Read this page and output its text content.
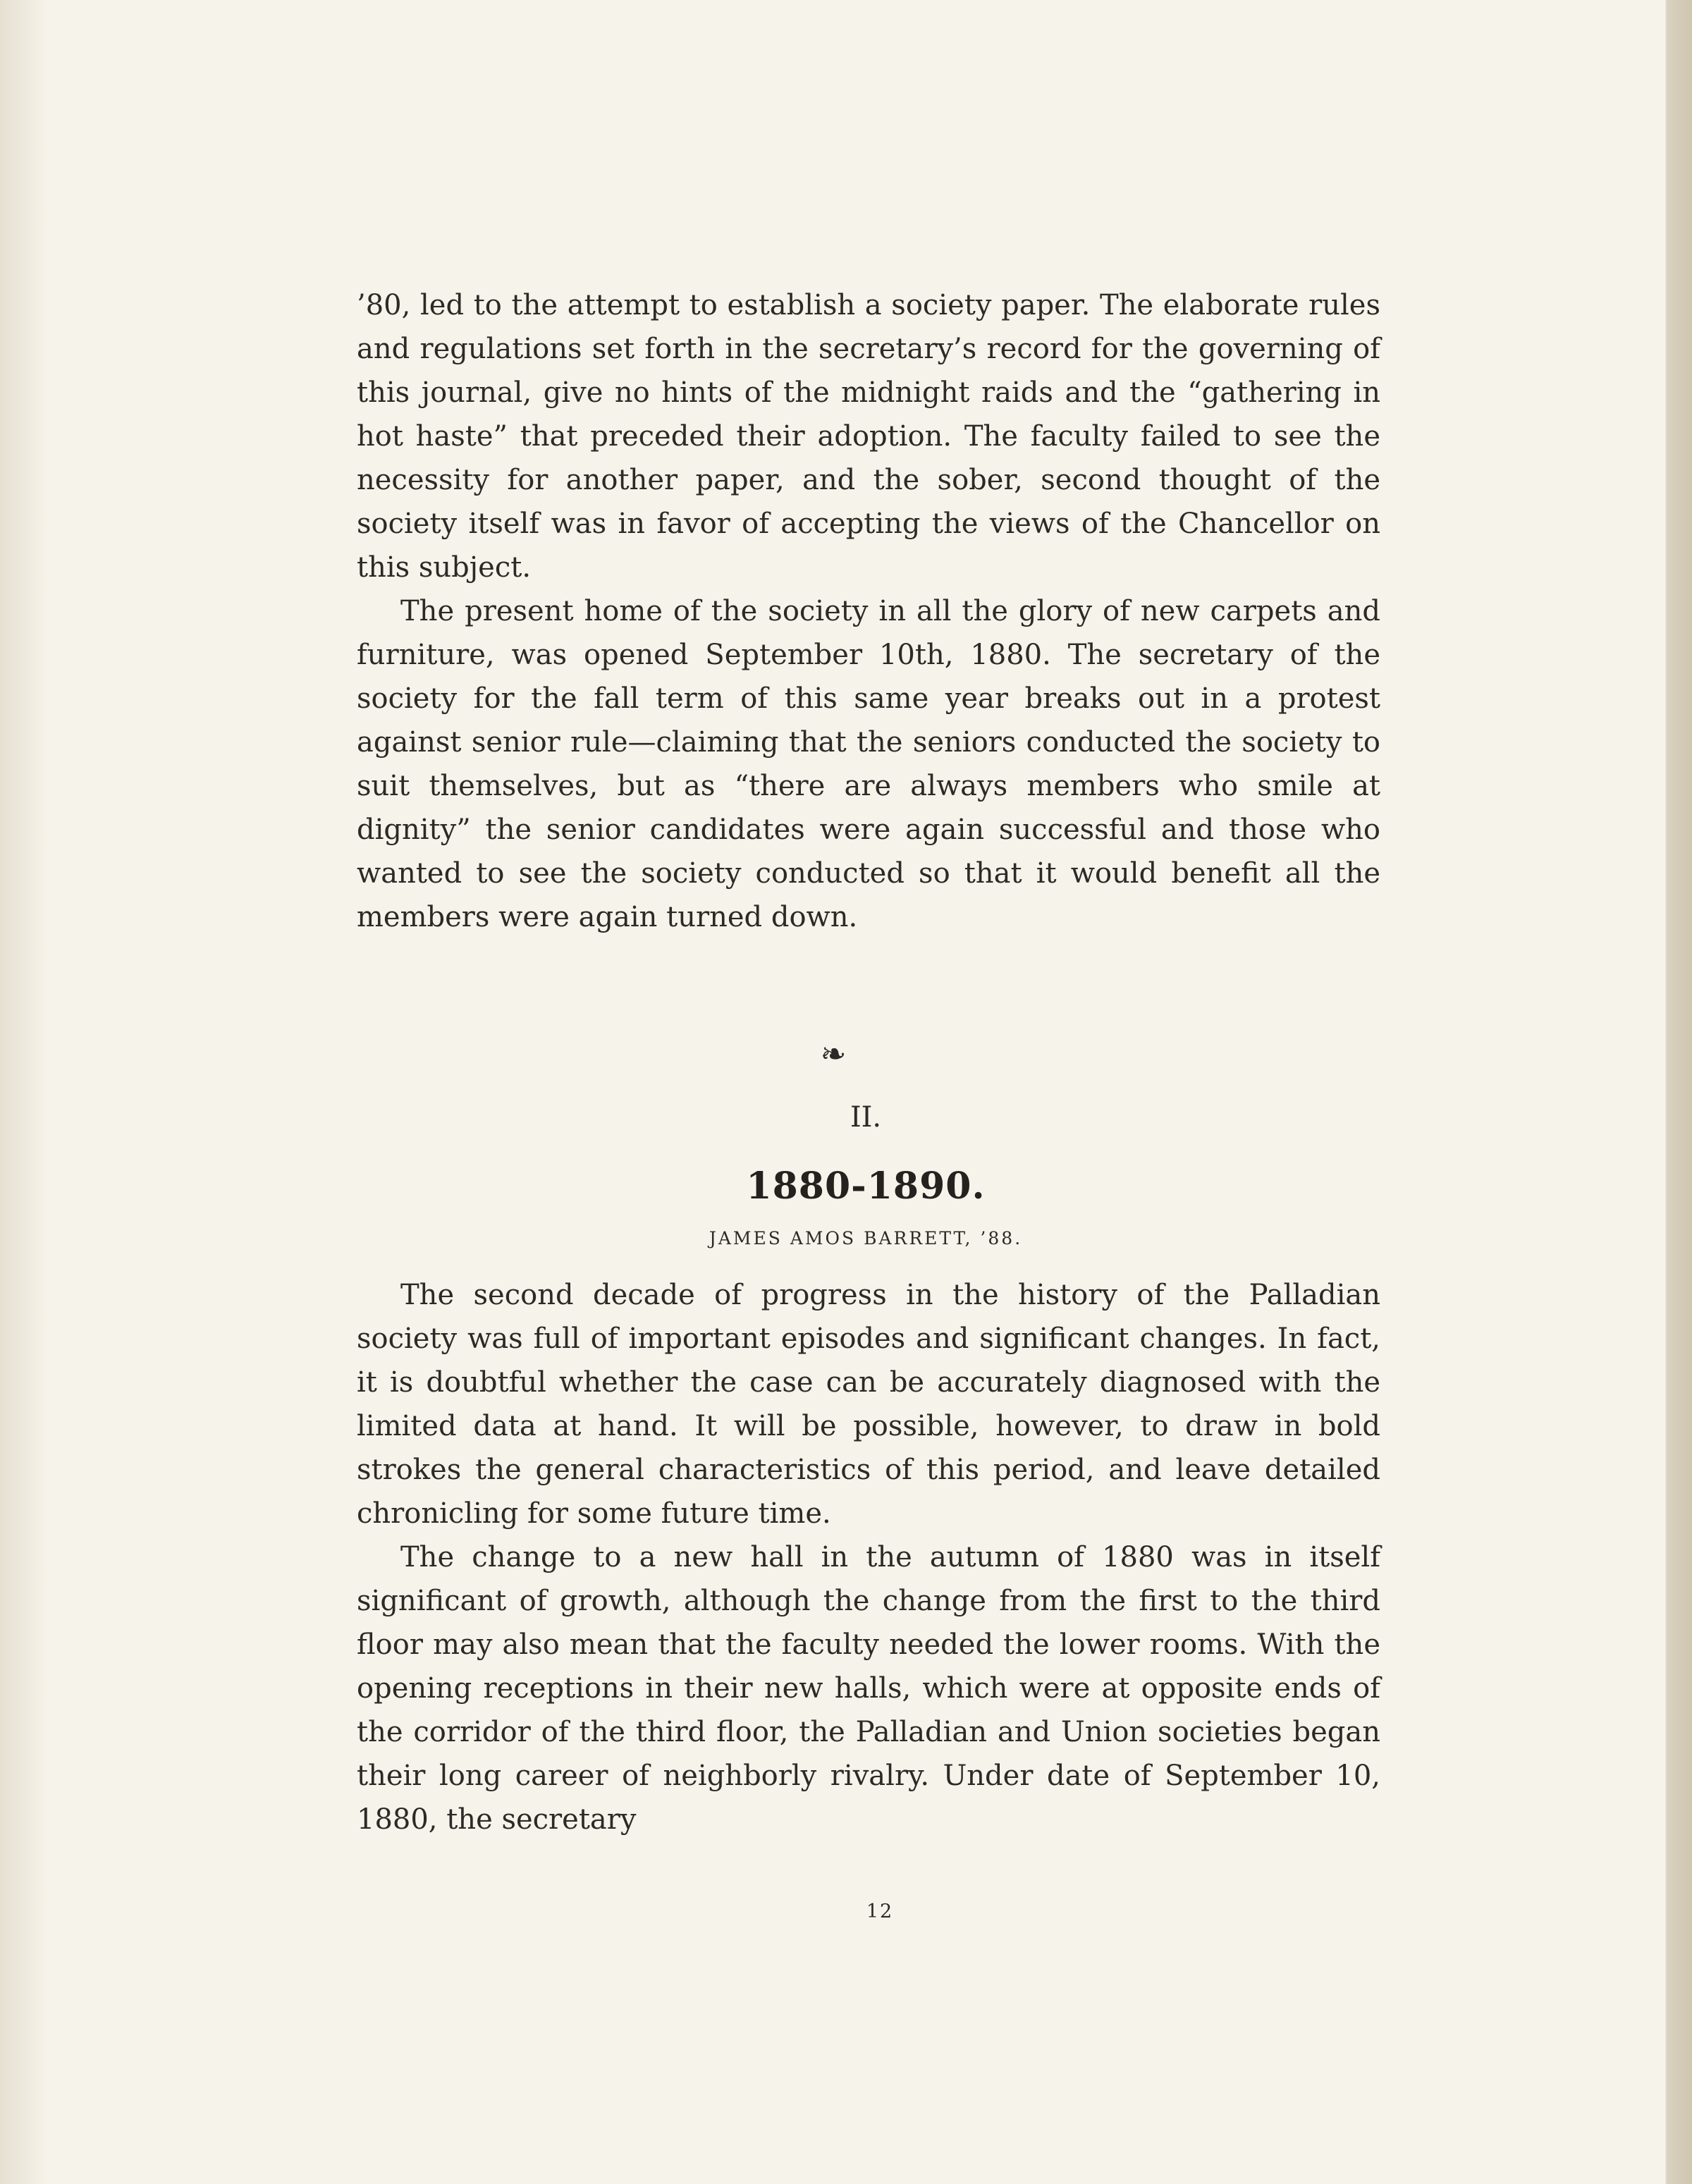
’80, led to the attempt to establish a society paper. The elaborate rules and regulations set forth in the secretary’s record for the governing of this journal, give no hints of the midnight raids and the “gathering in hot haste” that preceded their adoption. The faculty failed to see the necessity for another paper, and the sober, second thought of the society itself was in favor of accepting the views of the Chancellor on this subject.

The present home of the society in all the glory of new carpets and furniture, was opened September 10th, 1880. The secretary of the society for the fall term of this same year breaks out in a protest against senior rule—claiming that the seniors conducted the society to suit themselves, but as “there are always members who smile at dignity” the senior candidates were again successful and those who wanted to see the society conducted so that it would benefit all the members were again turned down.

❧
II.
1880-1890.
JAMES AMOS BARRETT, ’88.

The second decade of progress in the history of the Palladian society was full of important episodes and significant changes. In fact, it is doubtful whether the case can be accurately diagnosed with the limited data at hand. It will be possible, however, to draw in bold strokes the general characteristics of this period, and leave detailed chronicling for some future time.

The change to a new hall in the autumn of 1880 was in itself significant of growth, although the change from the first to the third floor may also mean that the faculty needed the lower rooms. With the opening receptions in their new halls, which were at opposite ends of the corridor of the third floor, the Palladian and Union societies began their long career of neighborly rivalry. Under date of September 10, 1880, the secretary

12
